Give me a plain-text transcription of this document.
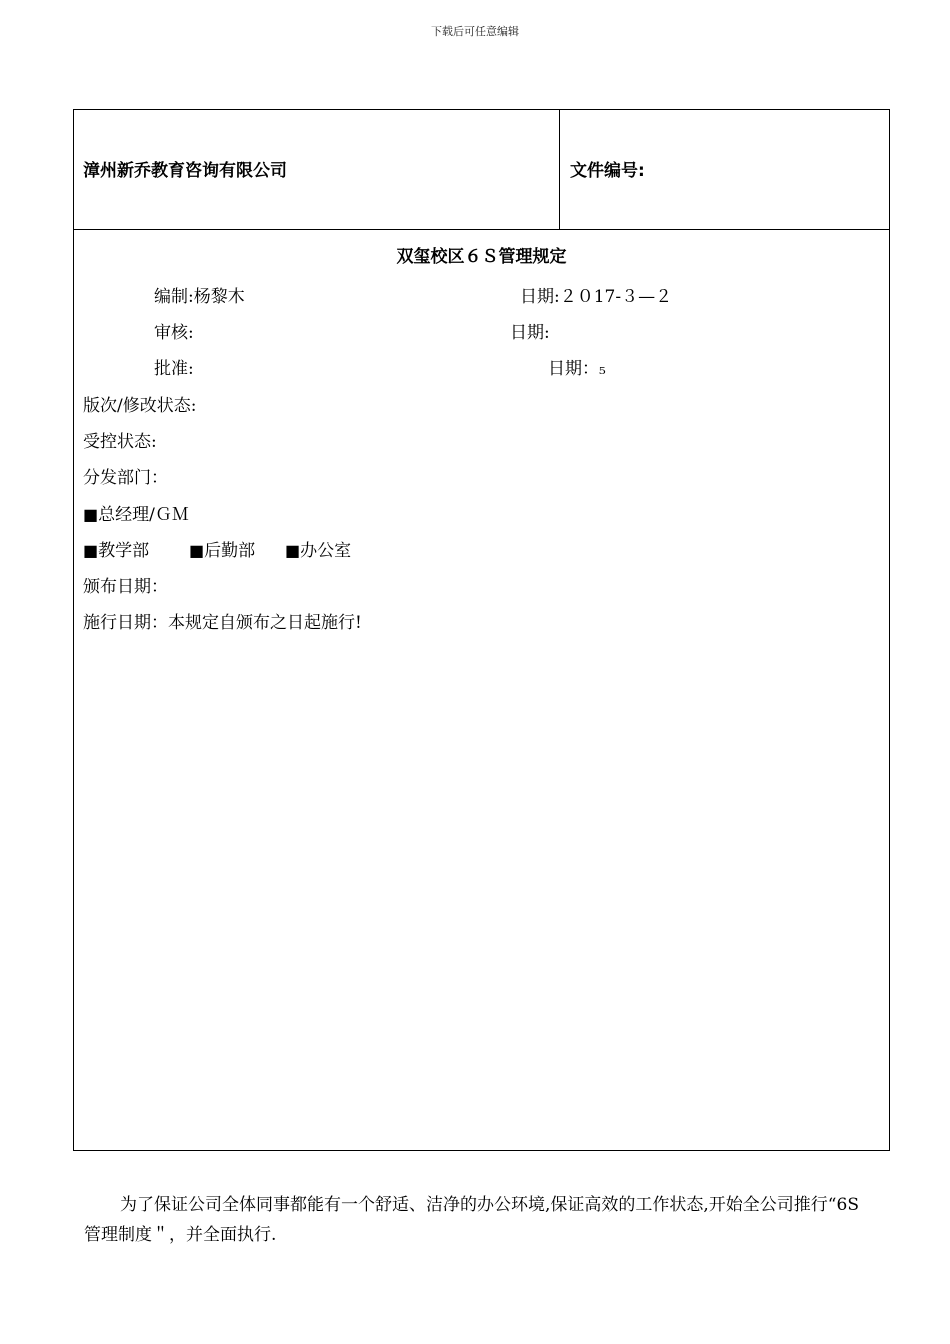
下载后可任意编辑
漳州新乔教育咨询有限公司	文件编号:
双玺校区６Ｓ管理规定
编制:杨黎木	日期:２０17-３—２
审核:	日期:
批准:	日期：₅
版次/修改状态:
受控状态:
分发部门：
■总经理/ＧＭ
■教学部 ■后勤部 ■办公室
颁布日期：
施行日期：本规定自颁布之日起施行!

为了保证公司全体同事都能有一个舒适、洁净的办公环境,保证高效的工作状态,开始全公司推行“6S管理制度＂，并全面执行.
